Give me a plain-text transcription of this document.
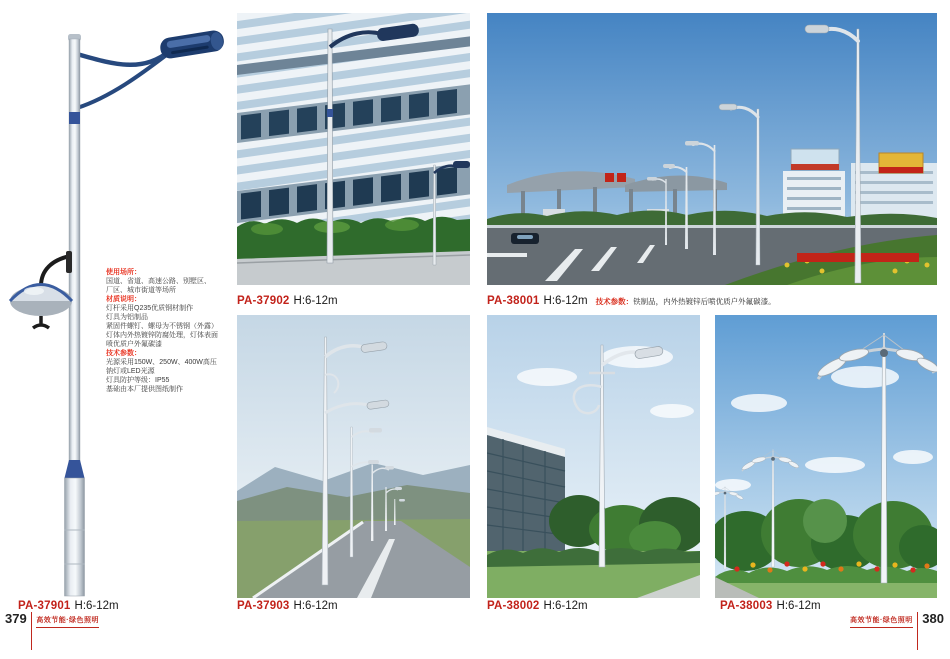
使用场所：
国道、省道、高速公路、别墅区、
厂区、城市街道等场所
材质说明：
灯杆采用Q235优质钢材制作
灯具为铝制品
紧固件螺钉、螺母为不锈钢（外露）
灯体内外热镀锌防腐处理，灯体表面
喷优质户外氟碳漆
技术参数：
光源采用150W、250W、400W高压
钠灯或LED光源
灯具防护等级：IP55
基础由本厂提供图纸制作
PA-37901 H:6-12m
PA-37902 H:6-12m	PA-38001 H:6-12m 技术参数：铁制品，内外热镀锌后喷优质户外氟碳漆。
PA-37903 H:6-12m	PA-38002 H:6-12m	PA-38003 H:6-12m
379 高效节能·绿色照明	高效节能·绿色照明 380
